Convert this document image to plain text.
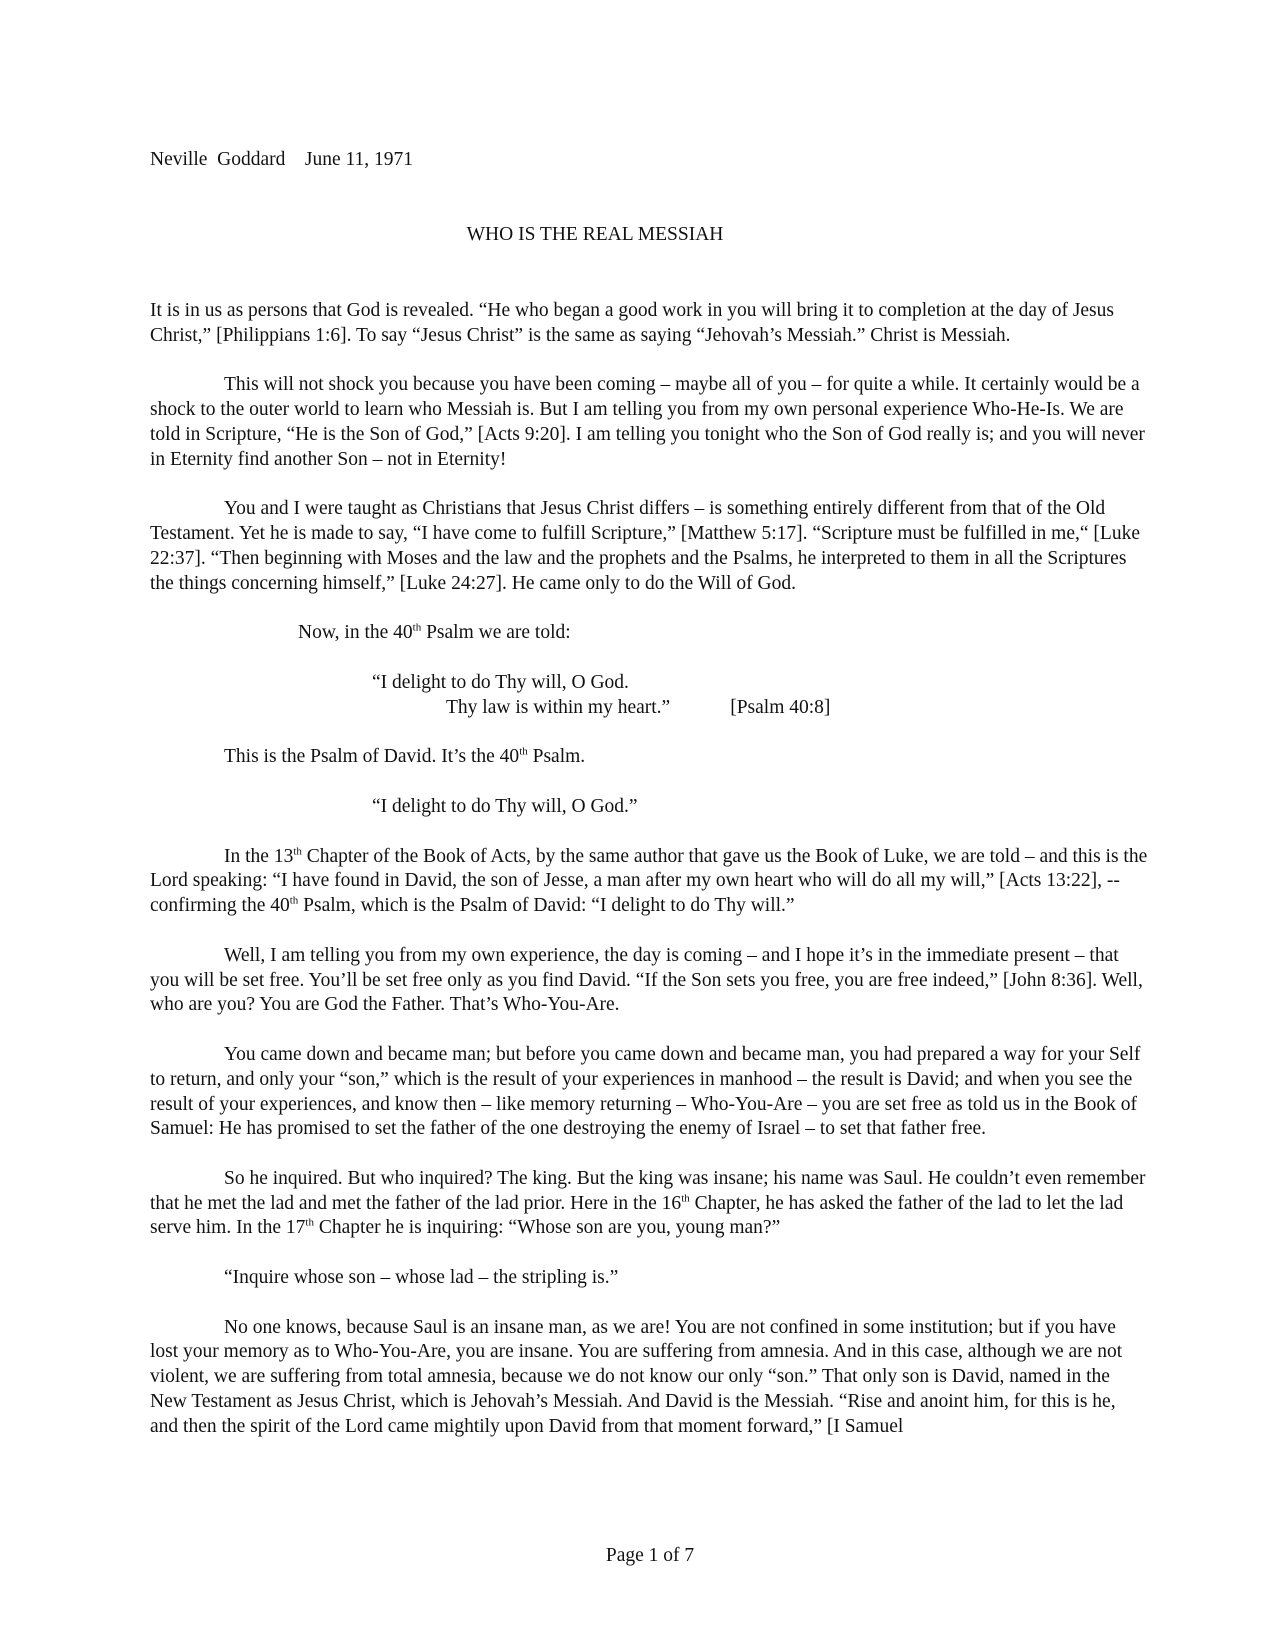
Neville  Goddard June 11, 1971
WHO IS THE REAL MESSIAH

It is in us as persons that God is revealed. “He who began a good work in you will bring it to completion at the day of Jesus Christ,” [Philippians 1:6]. To say “Jesus Christ” is the same as saying “Jehovah’s Messiah.” Christ is Messiah.

This will not shock you because you have been coming – maybe all of you – for quite a while. It certainly would be a shock to the outer world to learn who Messiah is. But I am telling you from my own personal experience Who-He-Is. We are told in Scripture, “He is the Son of God,” [Acts 9:20]. I am telling you tonight who the Son of God really is; and you will never in Eternity find another Son – not in Eternity!

You and I were taught as Christians that Jesus Christ differs – is something entirely different from that of the Old Testament. Yet he is made to say, “I have come to fulfill Scripture,” [Matthew 5:17]. “Scripture must be fulfilled in me,“ [Luke 22:37]. “Then beginning with Moses and the law and the prophets and the Psalms, he interpreted to them in all the Scriptures the things concerning himself,” [Luke 24:27]. He came only to do the Will of God.

Now, in the 40th Psalm we are told:

“I delight to do Thy will, O God.
Thy law is within my heart.”	[Psalm 40:8]

This is the Psalm of David. It’s the 40th Psalm.

“I delight to do Thy will, O God.”

In the 13th Chapter of the Book of Acts, by the same author that gave us the Book of Luke, we are told – and this is the Lord speaking: “I have found in David, the son of Jesse, a man after my own heart who will do all my will,” [Acts 13:22], -- confirming the 40th Psalm, which is the Psalm of David: “I delight to do Thy will.”

Well, I am telling you from my own experience, the day is coming – and I hope it’s in the immediate present – that you will be set free. You’ll be set free only as you find David. “If the Son sets you free, you are free indeed,” [John 8:36]. Well, who are you? You are God the Father. That’s Who-You-Are.

You came down and became man; but before you came down and became man, you had prepared a way for your Self to return, and only your “son,” which is the result of your experiences in manhood – the result is David; and when you see the result of your experiences, and know then – like memory returning – Who-You-Are – you are set free as told us in the Book of Samuel: He has promised to set the father of the one destroying the enemy of Israel – to set that father free.

So he inquired. But who inquired? The king. But the king was insane; his name was Saul. He couldn’t even remember that he met the lad and met the father of the lad prior. Here in the 16th Chapter, he has asked the father of the lad to let the lad serve him. In the 17th Chapter he is inquiring: “Whose son are you, young man?”

“Inquire whose son – whose lad – the stripling is.”

No one knows, because Saul is an insane man, as we are! You are not confined in some institution; but if you have lost your memory as to Who-You-Are, you are insane. You are suffering from amnesia. And in this case, although we are not violent, we are suffering from total amnesia, because we do not know our only “son.” That only son is David, named in the New Testament as Jesus Christ, which is Jehovah’s Messiah. And David is the Messiah. “Rise and anoint him, for this is he, and then the spirit of the Lord came mightily upon David from that moment forward,” [I Samuel

Page 1 of 7
